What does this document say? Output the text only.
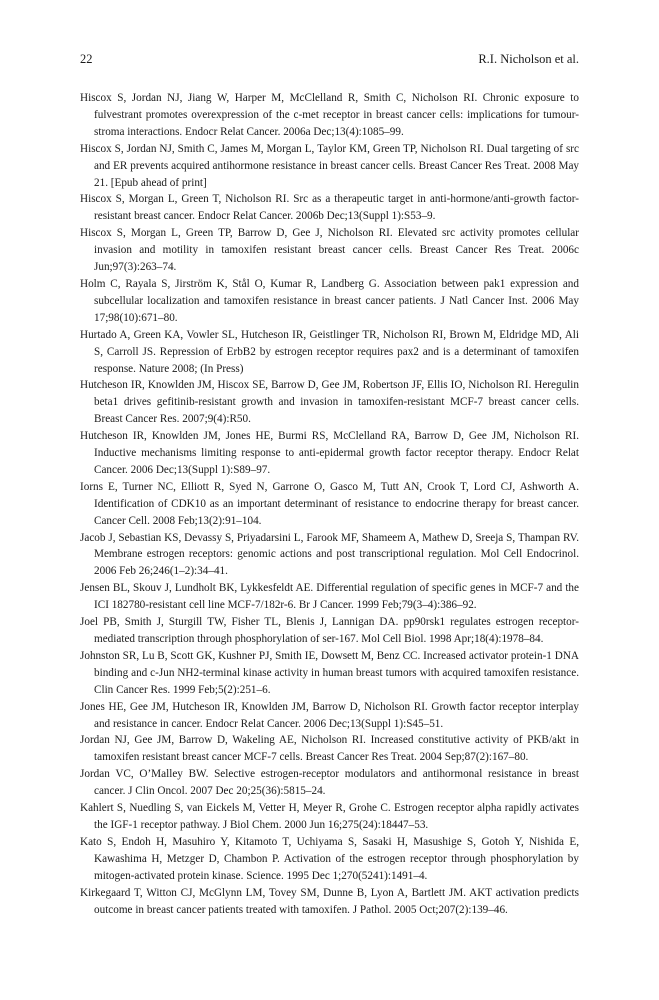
22	R.I. Nicholson et al.

Hiscox S, Jordan NJ, Jiang W, Harper M, McClelland R, Smith C, Nicholson RI. Chronic exposure to fulvestrant promotes overexpression of the c-met receptor in breast cancer cells: implications for tumour-stroma interactions. Endocr Relat Cancer. 2006a Dec;13(4):1085–99.

Hiscox S, Jordan NJ, Smith C, James M, Morgan L, Taylor KM, Green TP, Nicholson RI. Dual targeting of src and ER prevents acquired antihormone resistance in breast cancer cells. Breast Cancer Res Treat. 2008 May 21. [Epub ahead of print]

Hiscox S, Morgan L, Green T, Nicholson RI. Src as a therapeutic target in anti-hormone/anti-growth factor-resistant breast cancer. Endocr Relat Cancer. 2006b Dec;13(Suppl 1):S53–9.

Hiscox S, Morgan L, Green TP, Barrow D, Gee J, Nicholson RI. Elevated src activity promotes cellular invasion and motility in tamoxifen resistant breast cancer cells. Breast Cancer Res Treat. 2006c Jun;97(3):263–74.

Holm C, Rayala S, Jirström K, Stål O, Kumar R, Landberg G. Association between pak1 expression and subcellular localization and tamoxifen resistance in breast cancer patients. J Natl Cancer Inst. 2006 May 17;98(10):671–80.

Hurtado A, Green KA, Vowler SL, Hutcheson IR, Geistlinger TR, Nicholson RI, Brown M, Eldridge MD, Ali S, Carroll JS. Repression of ErbB2 by estrogen receptor requires pax2 and is a determinant of tamoxifen response. Nature 2008; (In Press)

Hutcheson IR, Knowlden JM, Hiscox SE, Barrow D, Gee JM, Robertson JF, Ellis IO, Nicholson RI. Heregulin beta1 drives gefitinib-resistant growth and invasion in tamoxifen-resistant MCF-7 breast cancer cells. Breast Cancer Res. 2007;9(4):R50.

Hutcheson IR, Knowlden JM, Jones HE, Burmi RS, McClelland RA, Barrow D, Gee JM, Nicholson RI. Inductive mechanisms limiting response to anti-epidermal growth factor receptor therapy. Endocr Relat Cancer. 2006 Dec;13(Suppl 1):S89–97.

Iorns E, Turner NC, Elliott R, Syed N, Garrone O, Gasco M, Tutt AN, Crook T, Lord CJ, Ashworth A. Identification of CDK10 as an important determinant of resistance to endocrine therapy for breast cancer. Cancer Cell. 2008 Feb;13(2):91–104.

Jacob J, Sebastian KS, Devassy S, Priyadarsini L, Farook MF, Shameem A, Mathew D, Sreeja S, Thampan RV. Membrane estrogen receptors: genomic actions and post transcriptional regulation. Mol Cell Endocrinol. 2006 Feb 26;246(1–2):34–41.

Jensen BL, Skouv J, Lundholt BK, Lykkesfeldt AE. Differential regulation of specific genes in MCF-7 and the ICI 182780-resistant cell line MCF-7/182r-6. Br J Cancer. 1999 Feb;79(3–4):386–92.

Joel PB, Smith J, Sturgill TW, Fisher TL, Blenis J, Lannigan DA. pp90rsk1 regulates estrogen receptor-mediated transcription through phosphorylation of ser-167. Mol Cell Biol. 1998 Apr;18(4):1978–84.

Johnston SR, Lu B, Scott GK, Kushner PJ, Smith IE, Dowsett M, Benz CC. Increased activator protein-1 DNA binding and c-Jun NH2-terminal kinase activity in human breast tumors with acquired tamoxifen resistance. Clin Cancer Res. 1999 Feb;5(2):251–6.

Jones HE, Gee JM, Hutcheson IR, Knowlden JM, Barrow D, Nicholson RI. Growth factor receptor interplay and resistance in cancer. Endocr Relat Cancer. 2006 Dec;13(Suppl 1):S45–51.

Jordan NJ, Gee JM, Barrow D, Wakeling AE, Nicholson RI. Increased constitutive activity of PKB/akt in tamoxifen resistant breast cancer MCF-7 cells. Breast Cancer Res Treat. 2004 Sep;87(2):167–80.

Jordan VC, O’Malley BW. Selective estrogen-receptor modulators and antihormonal resistance in breast cancer. J Clin Oncol. 2007 Dec 20;25(36):5815–24.

Kahlert S, Nuedling S, van Eickels M, Vetter H, Meyer R, Grohe C. Estrogen receptor alpha rapidly activates the IGF-1 receptor pathway. J Biol Chem. 2000 Jun 16;275(24):18447–53.

Kato S, Endoh H, Masuhiro Y, Kitamoto T, Uchiyama S, Sasaki H, Masushige S, Gotoh Y, Nishida E, Kawashima H, Metzger D, Chambon P. Activation of the estrogen receptor through phosphorylation by mitogen-activated protein kinase. Science. 1995 Dec 1;270(5241):1491–4.

Kirkegaard T, Witton CJ, McGlynn LM, Tovey SM, Dunne B, Lyon A, Bartlett JM. AKT activation predicts outcome in breast cancer patients treated with tamoxifen. J Pathol. 2005 Oct;207(2):139–46.
